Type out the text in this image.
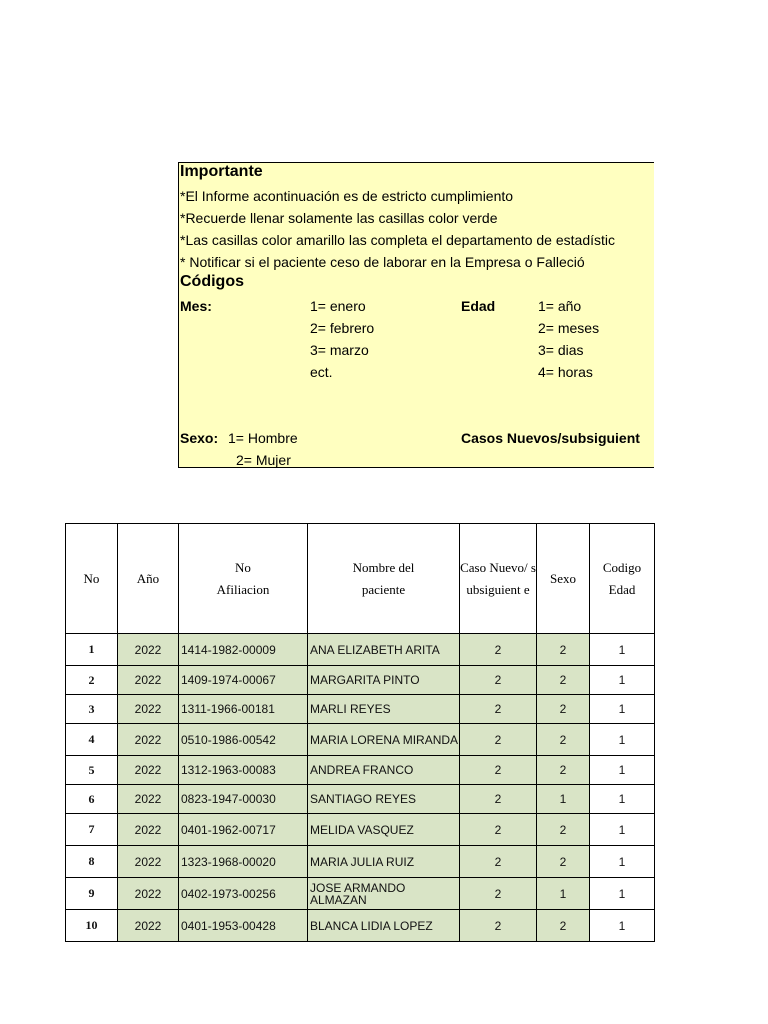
Importante
*El Informe acontinuación es de estricto cumplimiento
*Recuerde llenar solamente las casillas color verde
*Las casillas color amarillo las completa el departamento de estadístic
* Notificar si el paciente ceso de laborar en la Empresa o Falleció
Códigos
Mes:	1= enero
2= febrero
3= marzo
ect.
Edad	1= año
2= meses
3= dias
4= horas
Sexo: 1= Hombre
2= Mujer
Casos Nuevos/subsiguient
No	Año	No Afiliacion	Nombre del paciente	Caso Nuevo/ subsiguient e	Sexo	Codigo Edad

1	2022	1414-1982-00009	ANA ELIZABETH ARITA	2	2	1
2	2022	1409-1974-00067	MARGARITA PINTO	2	2	1
3	2022	1311-1966-00181	MARLI REYES	2	2	1
4	2022	0510-1986-00542	MARIA LORENA MIRANDA	2	2	1
5	2022	1312-1963-00083	ANDREA FRANCO	2	2	1
6	2022	0823-1947-00030	SANTIAGO REYES	2	1	1
7	2022	0401-1962-00717	MELIDA VASQUEZ	2	2	1
8	2022	1323-1968-00020	MARIA JULIA RUIZ	2	2	1
9	2022	0402-1973-00256	JOSE ARMANDO ALMAZAN	2	1	1
10	2022	0401-1953-00428	BLANCA LIDIA LOPEZ	2	2	1
